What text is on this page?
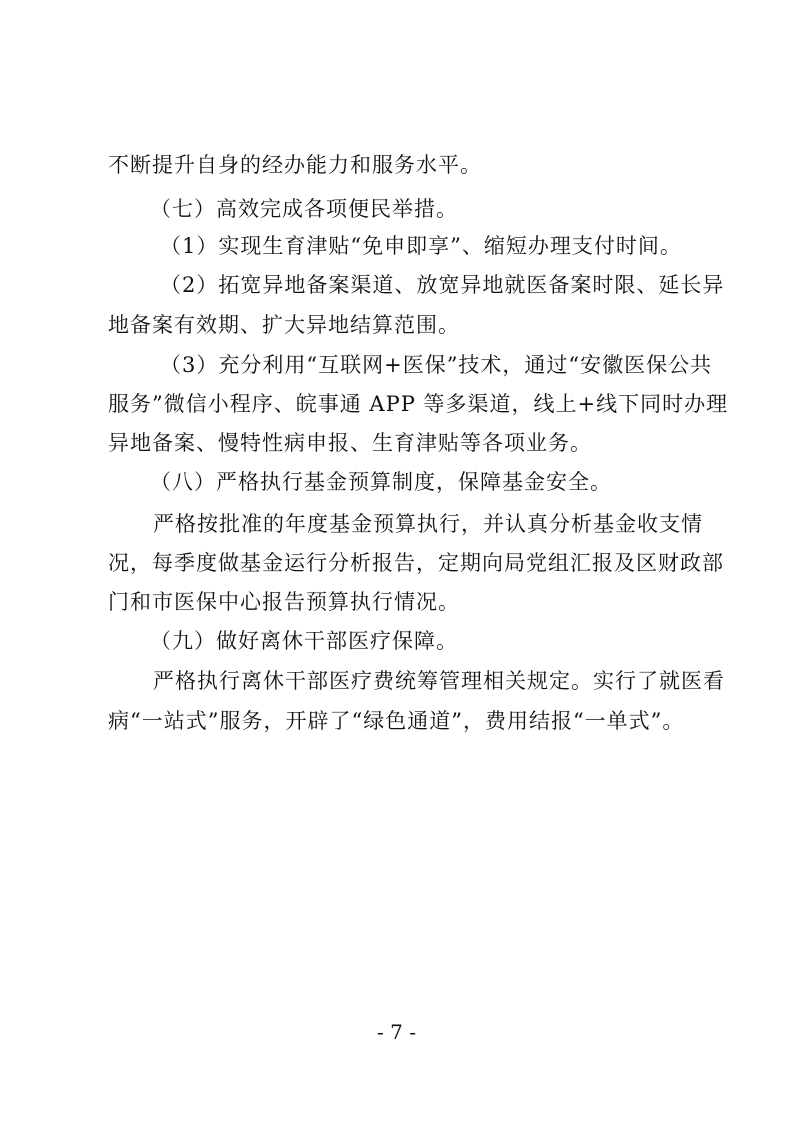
不断提升自身的经办能力和服务水平。
（七）高效完成各项便民举措。
（1）实现生育津贴“免申即享”、缩短办理支付时间。
（2）拓宽异地备案渠道、放宽异地就医备案时限、延长异
地备案有效期、扩大异地结算范围。
（3）充分利用“互联网+医保”技术，通过“安徽医保公共
服务”微信小程序、皖事通 APP 等多渠道，线上+线下同时办理
异地备案、慢特性病申报、生育津贴等各项业务。
（八）严格执行基金预算制度，保障基金安全。
严格按批准的年度基金预算执行，并认真分析基金收支情
况，每季度做基金运行分析报告，定期向局党组汇报及区财政部
门和市医保中心报告预算执行情况。
（九）做好离休干部医疗保障。
严格执行离休干部医疗费统筹管理相关规定。实行了就医看
病“一站式”服务，开辟了“绿色通道”，费用结报“一单式”。
- 7 -
